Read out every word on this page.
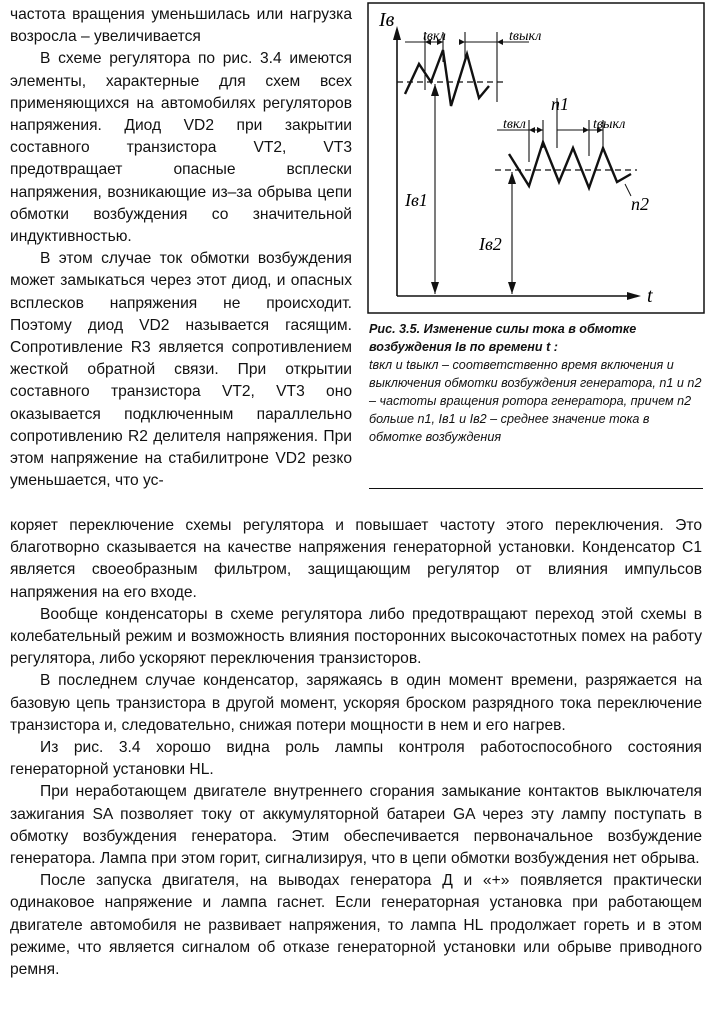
частота вращения уменьшилась или нагрузка возросла – увеличивается

В схеме регулятора по рис. 3.4 имеются элементы, характерные для схем всех применяющихся на автомобилях регуляторов напряжения. Диод VD2 при закрытии составного транзистора VT2, VT3 предотвращает опасные всплески напряжения, возникающие из–за обрыва цепи обмотки возбуждения со значительной индуктивностью.

В этом случае ток обмотки возбуждения может замыкаться через этот диод, и опасных всплесков напряжения не происходит. Поэтому диод VD2 называется гасящим. Сопротивление R3 является сопротивлением жесткой обратной связи. При открытии составного транзистора VT2, VT3 оно оказывается подключенным параллельно сопротивлению R2 делителя напряжения. При этом напряжение на стабилитроне VD2 резко уменьшается, что ус-

Iв
t
tвкл	tвыкл
tвкл	tвыкл
n1
n2
Iв1
Iв2
Рис. 3.5. Изменение силы тока в обмотке возбуждения Iв по времени t :
tвкл и tвыкл – соответственно время включения и выключения обмотки возбуждения генератора, n1 и n2 – частоты вращения ротора генератора, причем n2 больше n1, Iв1 и Iв2 – среднее значение тока в обмотке возбуждения

коряет переключение схемы регулятора и повышает частоту этого переключения. Это благотворно сказывается на качестве напряжения генераторной установки. Конденсатор С1 является своеобразным фильтром, защищающим регулятор от влияния импульсов напряжения на его входе.

Вообще конденсаторы в схеме регулятора либо предотвращают переход этой схемы в колебательный режим и возможность влияния посторонних высокочастотных помех на работу регулятора, либо ускоряют переключения транзисторов.

В последнем случае конденсатор, заряжаясь в один момент времени, разряжается на базовую цепь транзистора в другой момент, ускоряя броском разрядного тока переключение транзистора и, следовательно, снижая потери мощности в нем и его нагрев.

Из рис. 3.4 хорошо видна роль лампы контроля работоспособного состояния генераторной установки HL.

При неработающем двигателе внутреннего сгорания замыкание контактов выключателя зажигания SA позволяет току от аккумуляторной батареи GA через эту лампу поступать в обмотку возбуждения генератора. Этим обеспечивается первоначальное возбуждение генератора. Лампа при этом горит, сигнализируя, что в цепи обмотки возбуждения нет обрыва.

После запуска двигателя, на выводах генератора Д и «+» появляется практически одинаковое напряжение и лампа гаснет. Если генераторная установка при работающем двигателе автомобиля не развивает напряжения, то лампа HL продолжает гореть и в этом режиме, что является сигналом об отказе генераторной установки или обрыве приводного ремня.
